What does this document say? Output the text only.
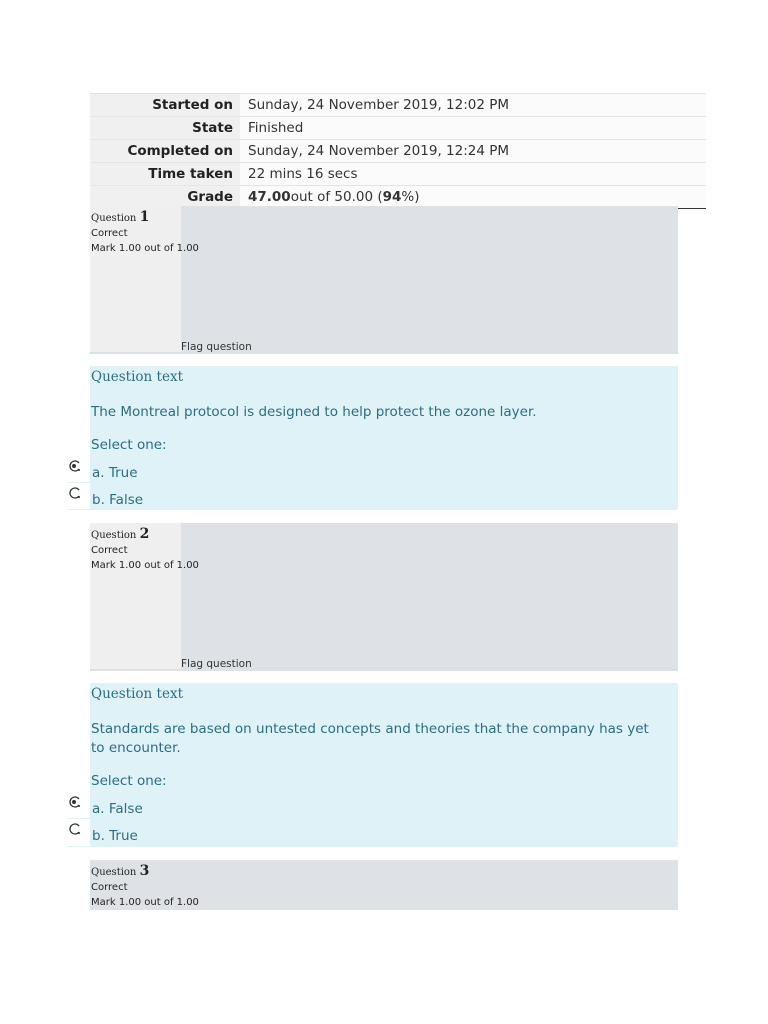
Started on	Sunday, 24 November 2019, 12:02 PM
State	Finished
Completed on	Sunday, 24 November 2019, 12:24 PM
Time taken	22 mins 16 secs
Grade	47.00 out of 50.00 ( 94 %)
Question 1
Correct
Mark 1.00 out of 1.00
Flag question
Question text
The Montreal protocol is designed to help protect the ozone layer.
Select one:
a. True
b. False
Question 2
Correct
Mark 1.00 out of 1.00
Flag question
Question text
Standards are based on untested concepts and theories that the company has yet to encounter.
Select one:
a. False
b. True
Question 3
Correct
Mark 1.00 out of 1.00
